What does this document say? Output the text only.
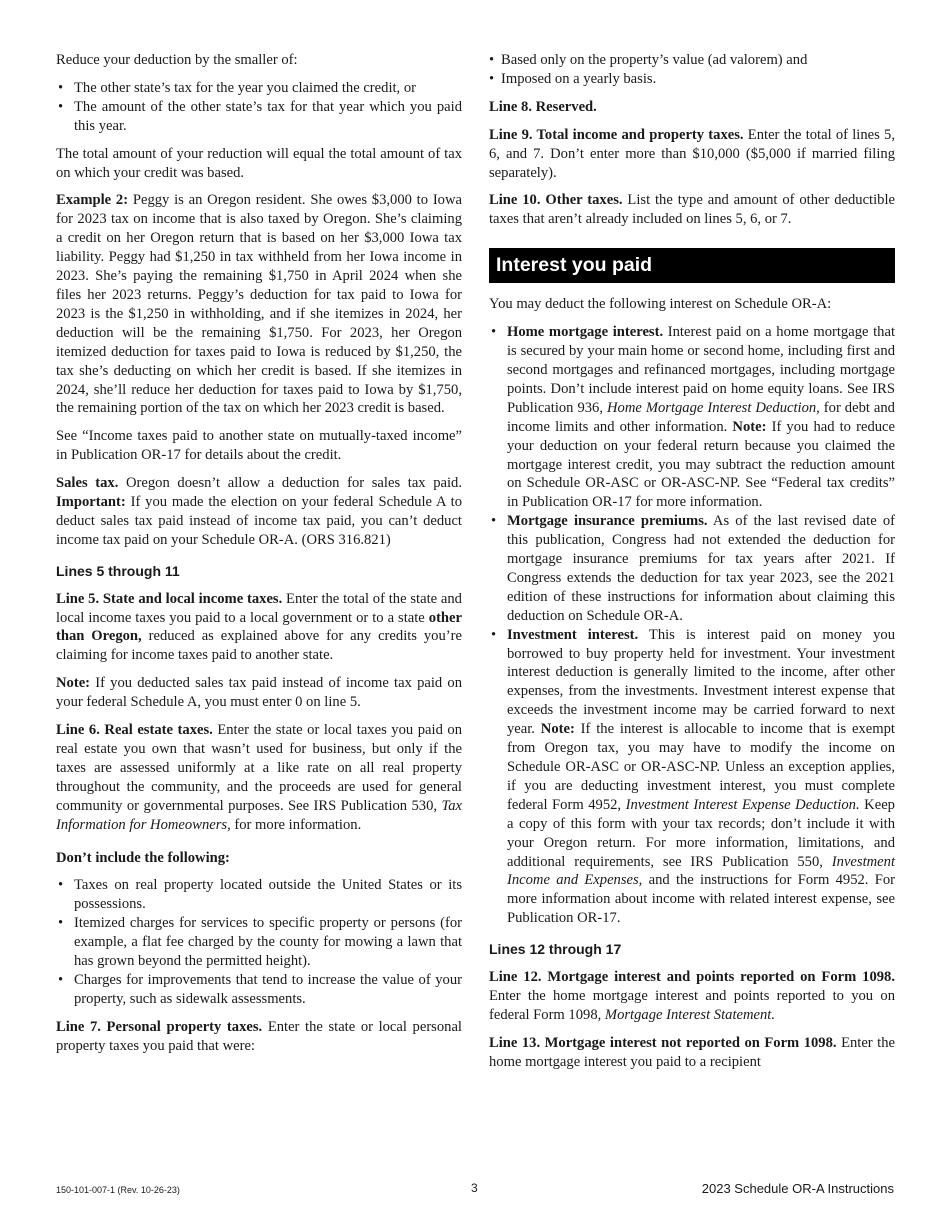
Reduce your deduction by the smaller of:

• The other state’s tax for the year you claimed the credit, or
• The amount of the other state’s tax for that year which you paid this year.

The total amount of your reduction will equal the total amount of tax on which your credit was based.

Example 2: Peggy is an Oregon resident. She owes $3,000 to Iowa for 2023 tax on income that is also taxed by Oregon. She’s claiming a credit on her Oregon return that is based on her $3,000 Iowa tax liability. Peggy had $1,250 in tax withheld from her Iowa income in 2023. She’s paying the remaining $1,750 in April 2024 when she files her 2023 returns. Peggy’s deduction for tax paid to Iowa for 2023 is the $1,250 in withholding, and if she itemizes in 2024, her deduction will be the remaining $1,750. For 2023, her Oregon itemized deduction for taxes paid to Iowa is reduced by $1,250, the tax she’s deducting on which her credit is based. If she itemizes in 2024, she’ll reduce her deduction for taxes paid to Iowa by $1,750, the remaining portion of the tax on which her 2023 credit is based.

See “Income taxes paid to another state on mutually-taxed income” in Publication OR-17 for details about the credit.

Sales tax. Oregon doesn’t allow a deduction for sales tax paid. Important: If you made the election on your federal Schedule A to deduct sales tax paid instead of income tax paid, you can’t deduct income tax paid on your Schedule OR-A. (ORS 316.821)

Lines 5 through 11

Line 5. State and local income taxes. Enter the total of the state and local income taxes you paid to a local government or to a state other than Oregon, reduced as explained above for any credits you’re claiming for income taxes paid to another state.

Note: If you deducted sales tax paid instead of income tax paid on your federal Schedule A, you must enter 0 on line 5.

Line 6. Real estate taxes. Enter the state or local taxes you paid on real estate you own that wasn’t used for business, but only if the taxes are assessed uniformly at a like rate on all real property throughout the community, and the proceeds are used for general community or governmental purposes. See IRS Publication 530, Tax Information for Homeowners, for more information.

Don’t include the following:

• Taxes on real property located outside the United States or its possessions.
• Itemized charges for services to specific property or persons (for example, a flat fee charged by the county for mowing a lawn that has grown beyond the permitted height).
• Charges for improvements that tend to increase the value of your property, such as sidewalk assessments.

Line 7. Personal property taxes. Enter the state or local personal property taxes you paid that were:

• Based only on the property’s value (ad valorem) and
• Imposed on a yearly basis.

Line 8. Reserved.

Line 9. Total income and property taxes. Enter the total of lines 5, 6, and 7. Don’t enter more than $10,000 ($5,000 if married filing separately).

Line 10. Other taxes. List the type and amount of other deductible taxes that aren’t already included on lines 5, 6, or 7.

Interest you paid

You may deduct the following interest on Schedule OR-A:

• Home mortgage interest. Interest paid on a home mortgage that is secured by your main home or second home, including first and second mortgages and refinanced mortgages, including mortgage points. Don’t include interest paid on home equity loans. See IRS Publication 936, Home Mortgage Interest Deduction, for debt and income limits and other information. Note: If you had to reduce your deduction on your federal return because you claimed the mortgage interest credit, you may subtract the reduction amount on Schedule OR-ASC or OR-ASC-NP. See “Federal tax credits” in Publication OR-17 for more information.
• Mortgage insurance premiums. As of the last revised date of this publication, Congress had not extended the deduction for mortgage insurance premiums for tax years after 2021. If Congress extends the deduction for tax year 2023, see the 2021 edition of these instructions for information about claiming this deduction on Schedule OR-A.
• Investment interest. This is interest paid on money you borrowed to buy property held for investment. Your investment interest deduction is generally limited to the income, after other expenses, from the investments. Investment interest expense that exceeds the investment income may be carried forward to next year. Note: If the interest is allocable to income that is exempt from Oregon tax, you may have to modify the income on Schedule OR-ASC or OR-ASC-NP. Unless an exception applies, if you are deducting investment interest, you must complete federal Form 4952, Investment Interest Expense Deduction. Keep a copy of this form with your tax records; don’t include it with your Oregon return. For more information, limitations, and additional requirements, see IRS Publication 550, Investment Income and Expenses, and the instructions for Form 4952. For more information about income with related interest expense, see Publication OR-17.
Lines 12 through 17

Line 12. Mortgage interest and points reported on Form 1098. Enter the home mortgage interest and points reported to you on federal Form 1098, Mortgage Interest Statement.

Line 13. Mortgage interest not reported on Form 1098. Enter the home mortgage interest you paid to a recipient

150-101-007-1 (Rev. 10-26-23)	3	2023 Schedule OR-A Instructions
